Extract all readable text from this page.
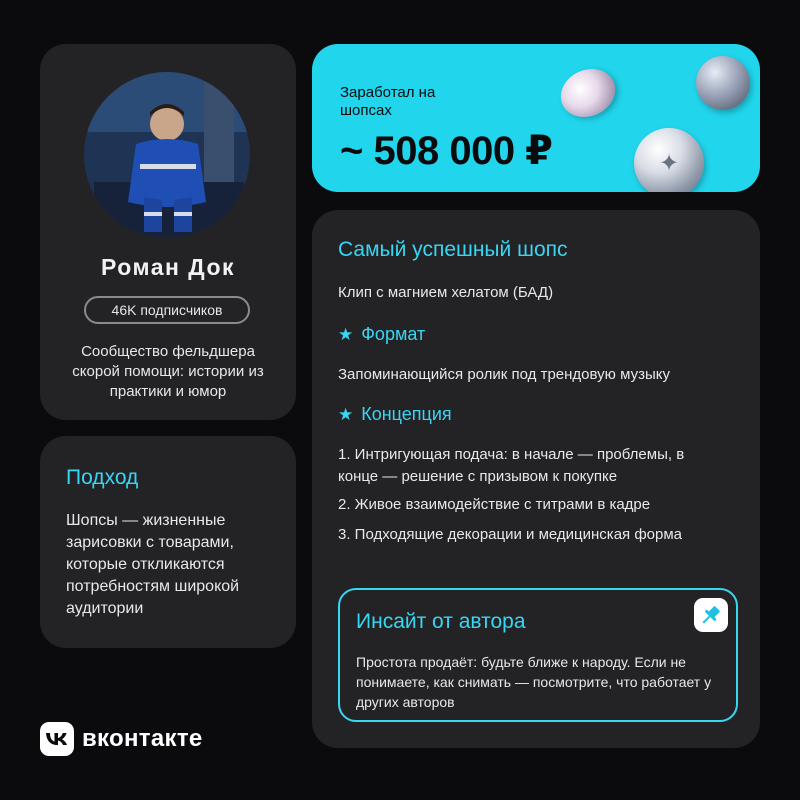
Роман Док
46K подписчиков
Сообщество фельдшера скорой помощи: истории из практики и юмор
Подход
Шопсы — жизненные зарисовки с товарами, которые откликаются потребностям широкой аудитории
Заработал на шопсах
~ 508 000 ₽	✦
Самый успешный шопс
Клип с магнием хелатом (БАД)
★ Формат
Запоминающийся ролик под трендовую музыку
★ Концепция
1. Интригующая подача: в начале — проблемы, в конце — решение с призывом к покупке
2. Живое взаимодействие с титрами в кадре
3. Подходящие декорации и медицинская форма
Инсайт от автора
Простота продаёт: будьте ближе к народу. Если не понимаете, как снимать — посмотрите, что работает у других авторов
вконтакте
